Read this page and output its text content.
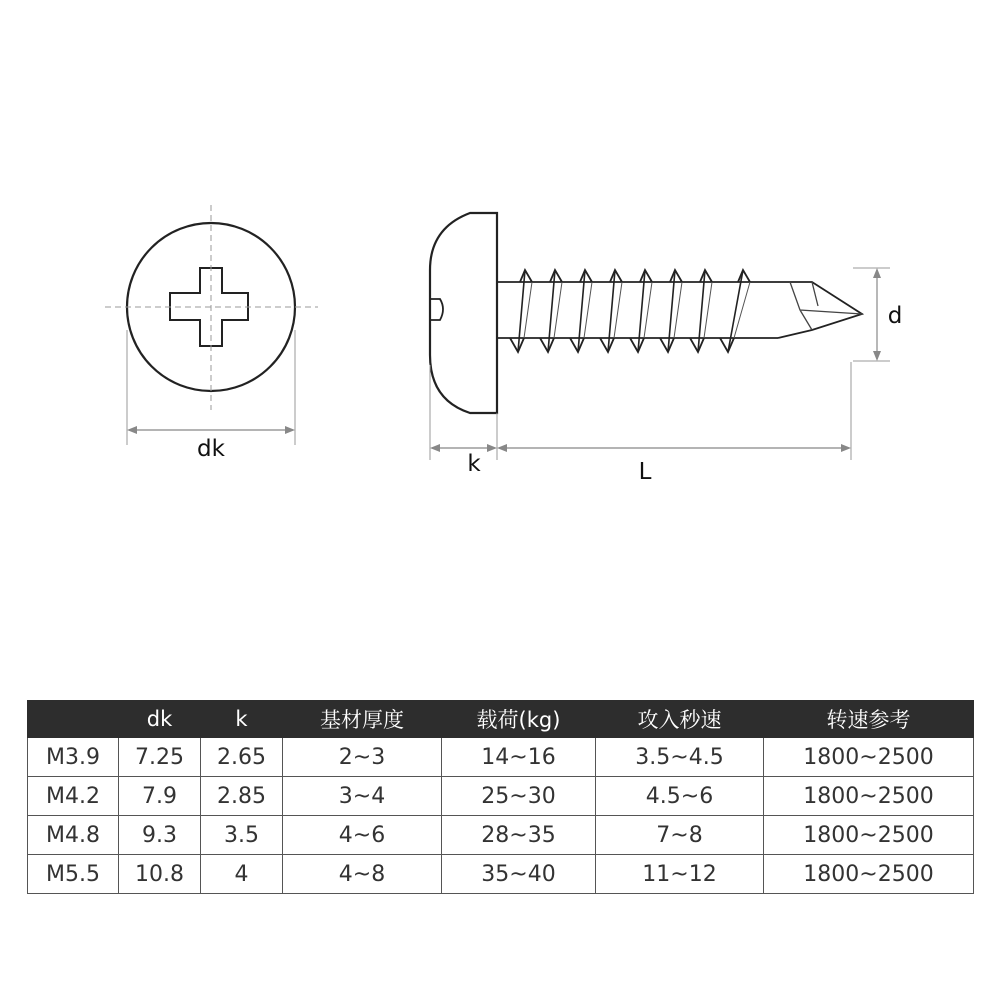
dk
d
k	L
	dk	k	基材厚度	载荷(kg)	攻入秒速	转速参考
M3.9	7.25	2.65	2~3	14~16	3.5~4.5	1800~2500
M4.2	7.9	2.85	3~4	25~30	4.5~6	1800~2500
M4.8	9.3	3.5	4~6	28~35	7~8	1800~2500
M5.5	10.8	4	4~8	35~40	11~12	1800~2500
